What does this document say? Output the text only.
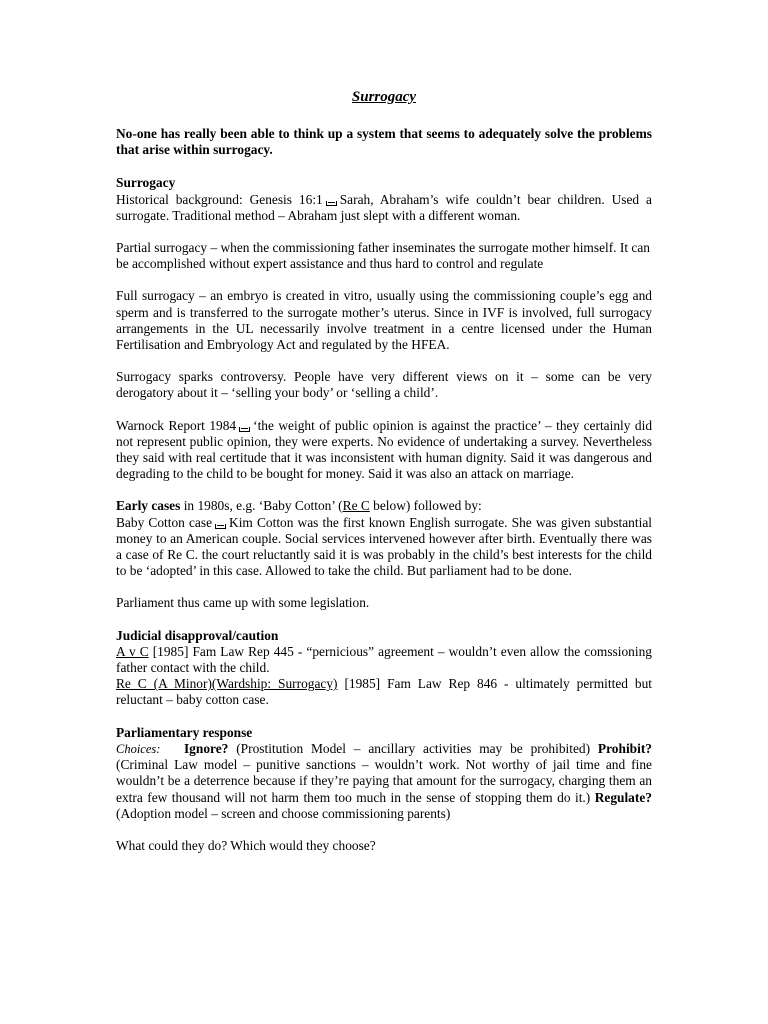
Surrogacy

No-one has really been able to think up a system that seems to adequately solve the problems that arise within surrogacy.

Surrogacy
Historical background: Genesis 16:1 Sarah, Abraham’s wife couldn’t bear children. Used a surrogate. Traditional method – Abraham just slept with a different woman.

Partial surrogacy – when the commissioning father inseminates the surrogate mother himself. It can be accomplished without expert assistance and thus hard to control and regulate

Full surrogacy – an embryo is created in vitro, usually using the commissioning couple’s egg and sperm and is transferred to the surrogate mother’s uterus. Since in IVF is involved, full surrogacy arrangements in the UL necessarily involve treatment in a centre licensed under the Human Fertilisation and Embryology Act and regulated by the HFEA.

Surrogacy sparks controversy. People have very different views on it – some can be very derogatory about it – ‘selling your body’ or ‘selling a child’.

Warnock Report 1984 ‘the weight of public opinion is against the practice’ – they certainly did not represent public opinion, they were experts. No evidence of undertaking a survey. Nevertheless they said with real certitude that it was inconsistent with human dignity. Said it was dangerous and degrading to the child to be bought for money. Said it was also an attack on marriage.

Early cases in 1980s, e.g. ‘Baby Cotton’ (Re C below) followed by:
Baby Cotton case Kim Cotton was the first known English surrogate. She was given substantial money to an American couple. Social services intervened however after birth. Eventually there was a case of Re C. the court reluctantly said it is was probably in the child’s best interests for the child to be ‘adopted’ in this case. Allowed to take the child. But parliament had to be done.

Parliament thus came up with some legislation.

Judicial disapproval/caution
A v C [1985] Fam Law Rep 445 - “pernicious” agreement – wouldn’t even allow the comssioning father contact with the child.
Re C (A Minor)(Wardship: Surrogacy) [1985] Fam Law Rep 846 - ultimately permitted but reluctant – baby cotton case.

Parliamentary response
Choices: Ignore? (Prostitution Model – ancillary activities may be prohibited) Prohibit? (Criminal Law model – punitive sanctions – wouldn’t work. Not worthy of jail time and fine wouldn’t be a deterrence because if they’re paying that amount for the surrogacy, charging them an extra few thousand will not harm them too much in the sense of stopping them do it.) Regulate? (Adoption model – screen and choose commissioning parents)

What could they do? Which would they choose?
